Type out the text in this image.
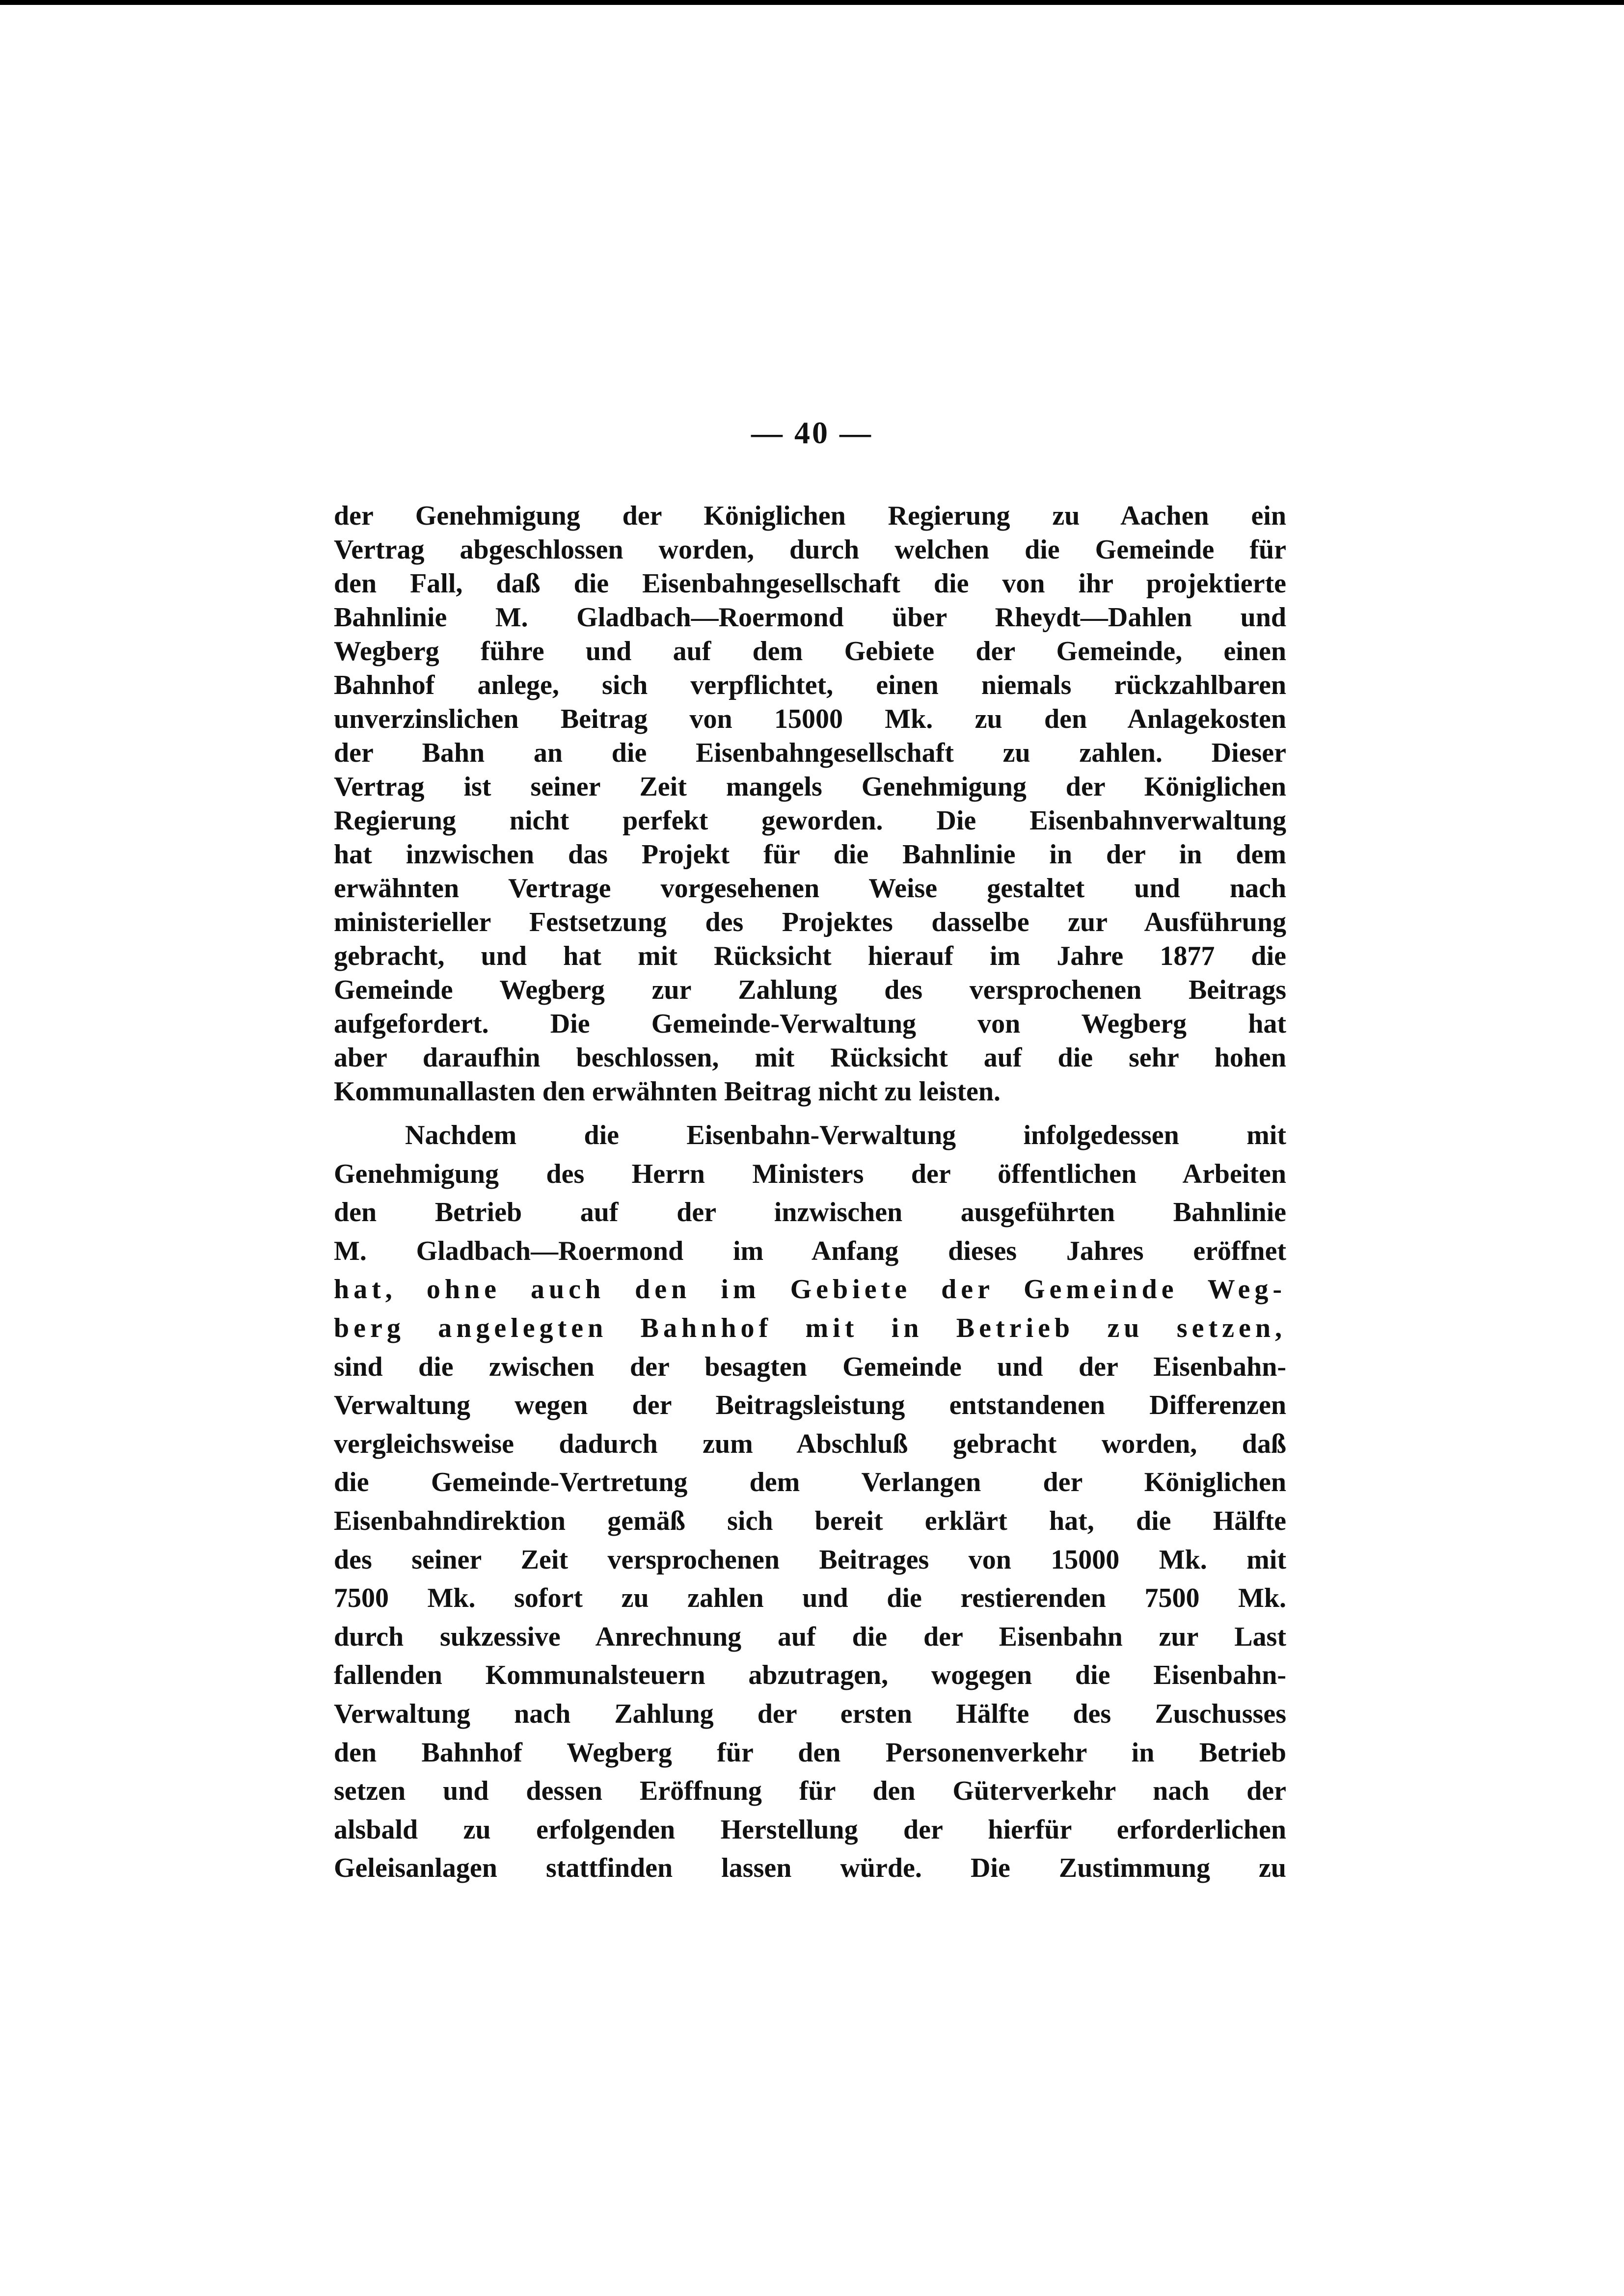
— 40 —
der Genehmigung der Königlichen Regierung zu Aachen ein
Vertrag abgeschlossen worden, durch welchen die Gemeinde für
den Fall, daß die Eisenbahngesellschaft die von ihr projektierte
Bahnlinie M. Gladbach—Roermond über Rheydt—Dahlen und
Wegberg führe und auf dem Gebiete der Gemeinde, einen
Bahnhof anlege, sich verpflichtet, einen niemals rückzahlbaren
unverzinslichen Beitrag von 15000 Mk. zu den Anlagekosten
der Bahn an die Eisenbahngesellschaft zu zahlen. Dieser
Vertrag ist seiner Zeit mangels Genehmigung der Königlichen
Regierung nicht perfekt geworden. Die Eisenbahnverwaltung
hat inzwischen das Projekt für die Bahnlinie in der in dem
erwähnten Vertrage vorgesehenen Weise gestaltet und nach
ministerieller Festsetzung des Projektes dasselbe zur Ausführung
gebracht, und hat mit Rücksicht hierauf im Jahre 1877 die
Gemeinde Wegberg zur Zahlung des versprochenen Beitrags
aufgefordert. Die Gemeinde-Verwaltung von Wegberg hat
aber daraufhin beschlossen, mit Rücksicht auf die sehr hohen
Kommunallasten den erwähnten Beitrag nicht zu leisten.
Nachdem die Eisenbahn-Verwaltung infolgedessen mit
Genehmigung des Herrn Ministers der öffentlichen Arbeiten
den Betrieb auf der inzwischen ausgeführten Bahnlinie
M. Gladbach—Roermond im Anfang dieses Jahres eröffnet
hat, ohne auch den im Gebiete der Gemeinde Weg-
berg angelegten Bahnhof mit in Betrieb zu setzen,
sind die zwischen der besagten Gemeinde und der Eisenbahn-
Verwaltung wegen der Beitragsleistung entstandenen Differenzen
vergleichsweise dadurch zum Abschluß gebracht worden, daß
die Gemeinde-Vertretung dem Verlangen der Königlichen
Eisenbahndirektion gemäß sich bereit erklärt hat, die Hälfte
des seiner Zeit versprochenen Beitrages von 15000 Mk. mit
7500 Mk. sofort zu zahlen und die restierenden 7500 Mk.
durch sukzessive Anrechnung auf die der Eisenbahn zur Last
fallenden Kommunalsteuern abzutragen, wogegen die Eisenbahn-
Verwaltung nach Zahlung der ersten Hälfte des Zuschusses
den Bahnhof Wegberg für den Personenverkehr in Betrieb
setzen und dessen Eröffnung für den Güterverkehr nach der
alsbald zu erfolgenden Herstellung der hierfür erforderlichen
Geleisanlagen stattfinden lassen würde. Die Zustimmung zu
